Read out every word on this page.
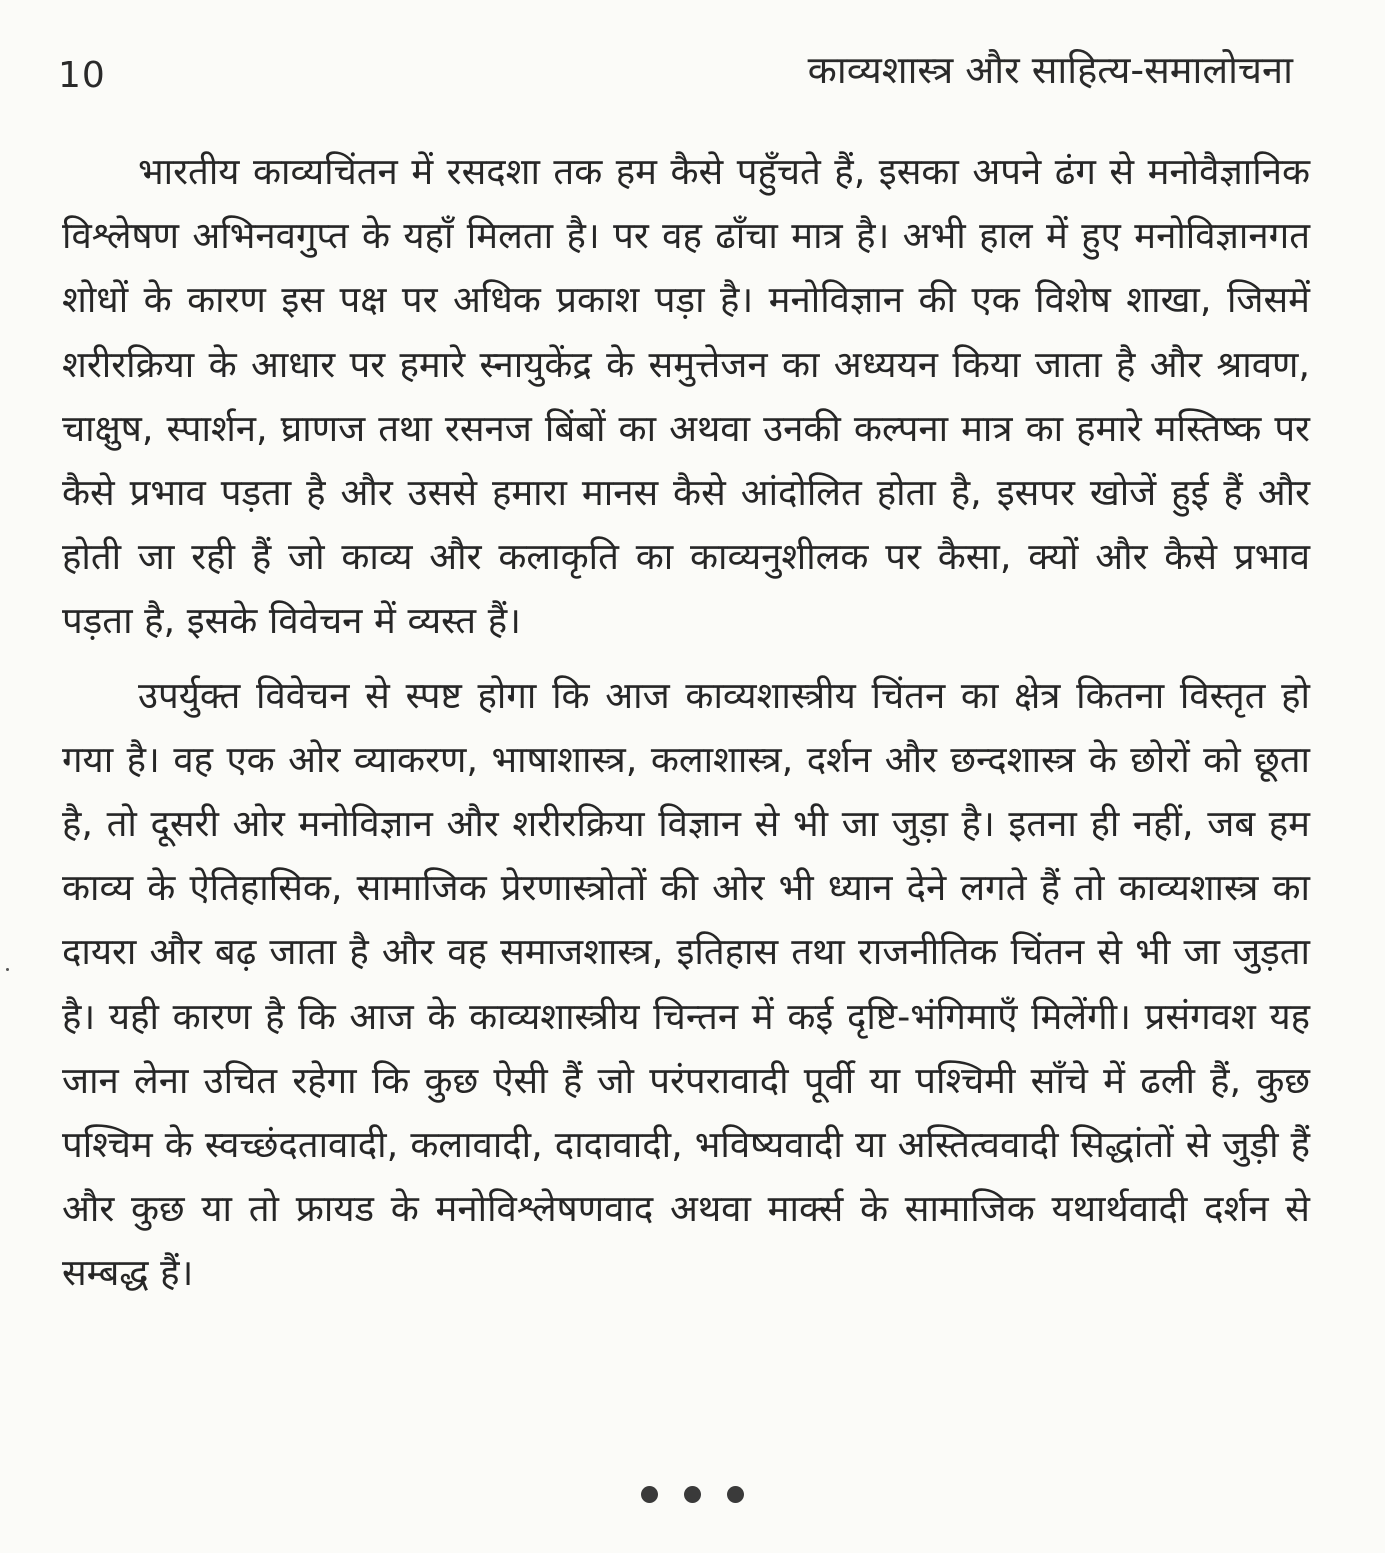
10	काव्यशास्त्र और साहित्य-समालोचना

भारतीय काव्यचिंतन में रसदशा तक हम कैसे पहुँचते हैं, इसका अपने ढंग से मनोवैज्ञानिक विश्लेषण अभिनवगुप्त के यहाँ मिलता है। पर वह ढाँचा मात्र है। अभी हाल में हुए मनोविज्ञानगत शोधों के कारण इस पक्ष पर अधिक प्रकाश पड़ा है। मनोविज्ञान की एक विशेष शाखा, जिसमें शरीरक्रिया के आधार पर हमारे स्नायुकेंद्र के समुत्तेजन का अध्ययन किया जाता है और श्रावण, चाक्षुष, स्पार्शन, घ्राणज तथा रसनज बिंबों का अथवा उनकी कल्पना मात्र का हमारे मस्तिष्क पर कैसे प्रभाव पड़ता है और उससे हमारा मानस कैसे आंदोलित होता है, इसपर खोजें हुई हैं और होती जा रही हैं जो काव्य और कलाकृति का काव्यनुशीलक पर कैसा, क्यों और कैसे प्रभाव पड़ता है, इसके विवेचन में व्यस्त हैं।

उपर्युक्त विवेचन से स्पष्ट होगा कि आज काव्यशास्त्रीय चिंतन का क्षेत्र कितना विस्तृत हो गया है। वह एक ओर व्याकरण, भाषाशास्त्र, कलाशास्त्र, दर्शन और छन्दशास्त्र के छोरों को छूता है, तो दूसरी ओर मनोविज्ञान और शरीरक्रिया विज्ञान से भी जा जुड़ा है। इतना ही नहीं, जब हम काव्य के ऐतिहासिक, सामाजिक प्रेरणास्त्रोतों की ओर भी ध्यान देने लगते हैं तो काव्यशास्त्र का दायरा और बढ़ जाता है और वह समाजशास्त्र, इतिहास तथा राजनीतिक चिंतन से भी जा जुड़ता है। यही कारण है कि आज के काव्यशास्त्रीय चिन्तन में कई दृष्टि-भंगिमाएँ मिलेंगी। प्रसंगवश यह जान लेना उचित रहेगा कि कुछ ऐसी हैं जो परंपरावादी पूर्वी या पश्चिमी साँचे में ढली हैं, कुछ पश्चिम के स्वच्छंदतावादी, कलावादी, दादावादी, भविष्यवादी या अस्तित्ववादी सिद्धांतों से जुड़ी हैं और कुछ या तो फ्रायड के मनोविश्लेषणवाद अथवा मार्क्स के सामाजिक यथार्थवादी दर्शन से सम्बद्ध हैं।
